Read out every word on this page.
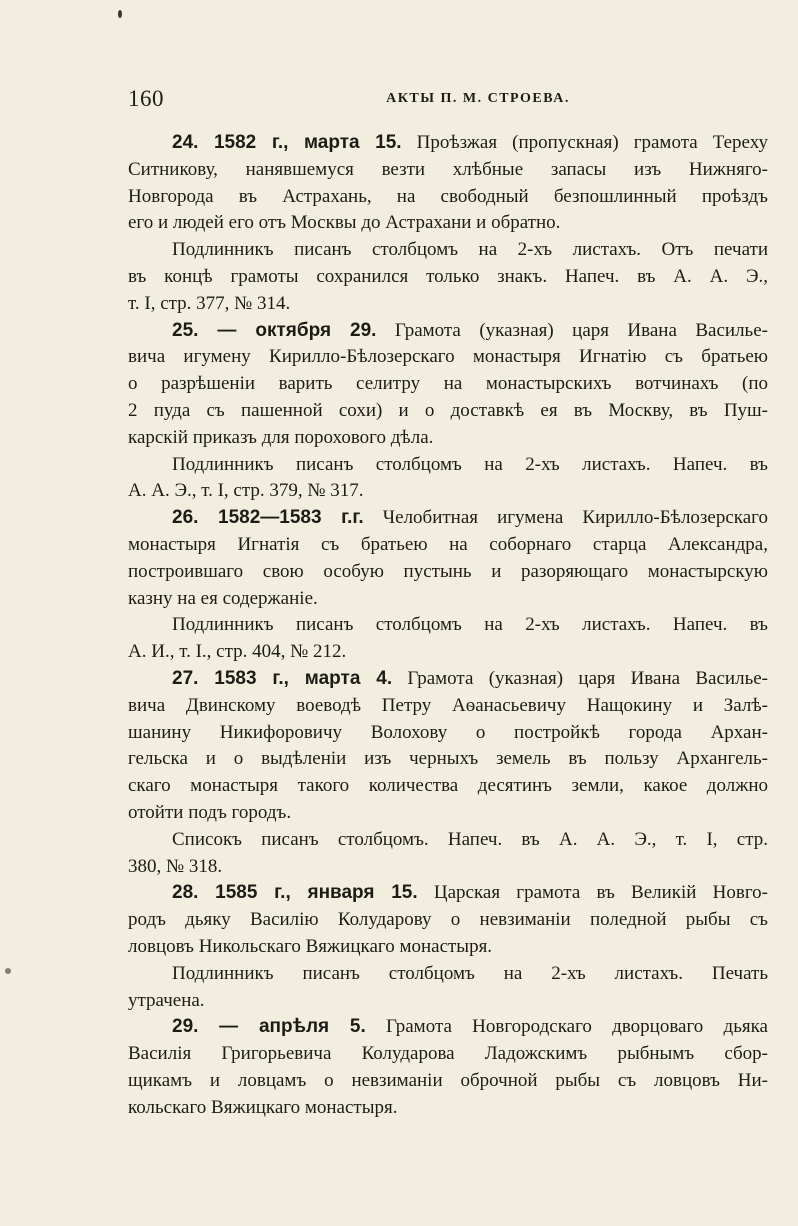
160	АКТЫ П. М. СТРОЕВА.
24. 1582 г., марта 15. Проѣзжая (пропускная) грамота Тереху
Ситникову, нанявшемуся везти хлѣбные запасы изъ Нижняго-
Новгорода въ Астрахань, на свободный безпошлинный проѣздъ
его и людей его отъ Москвы до Астрахани и обратно.
Подлинникъ писанъ столбцомъ на 2-хъ листахъ. Отъ печати
въ концѣ грамоты сохранился только знакъ. Напеч. въ А. А. Э.,
т. I, стр. 377, № 314.
25. — октября 29. Грамота (указная) царя Ивана Василье-
вича игумену Кирилло-Бѣлозерскаго монастыря Игнатію съ братьею
о разрѣшеніи варить селитру на монастырскихъ вотчинахъ (по
2 пуда съ пашенной сохи) и о доставкѣ ея въ Москву, въ Пуш-
карскій приказъ для порохового дѣла.
Подлинникъ писанъ столбцомъ на 2-хъ листахъ. Напеч. въ
А. А. Э., т. I, стр. 379, № 317.
26. 1582—1583 г.г. Челобитная игумена Кирилло-Бѣлозерскаго
монастыря Игнатія съ братьею на соборнаго старца Александра,
построившаго свою особую пустынь и разоряющаго монастырскую
казну на ея содержаніе.
Подлинникъ писанъ столбцомъ на 2-хъ листахъ. Напеч. въ
А. И., т. I., стр. 404, № 212.
27. 1583 г., марта 4. Грамота (указная) царя Ивана Василье-
вича Двинскому воеводѣ Петру Аѳанасьевичу Нащокину и Залѣ-
шанину Никифоровичу Волохову о постройкѣ города Архан-
гельска и о выдѣленіи изъ черныхъ земель въ пользу Архангель-
скаго монастыря такого количества десятинъ земли, какое должно
отойти подъ городъ.
Списокъ писанъ столбцомъ. Напеч. въ А. А. Э., т. I, стр.
380, № 318.
28. 1585 г., января 15. Царская грамота въ Великій Новго-
родъ дьяку Василію Колударову о невзиманіи поледной рыбы съ
ловцовъ Никольскаго Вяжицкаго монастыря.
Подлинникъ писанъ столбцомъ на 2-хъ листахъ. Печать
утрачена.
29. — апрѣля 5. Грамота Новгородскаго дворцоваго дьяка
Василія Григорьевича Колударова Ладожскимъ рыбнымъ сбор-
щикамъ и ловцамъ о невзиманіи оброчной рыбы съ ловцовъ Ни-
кольскаго Вяжицкаго монастыря.
